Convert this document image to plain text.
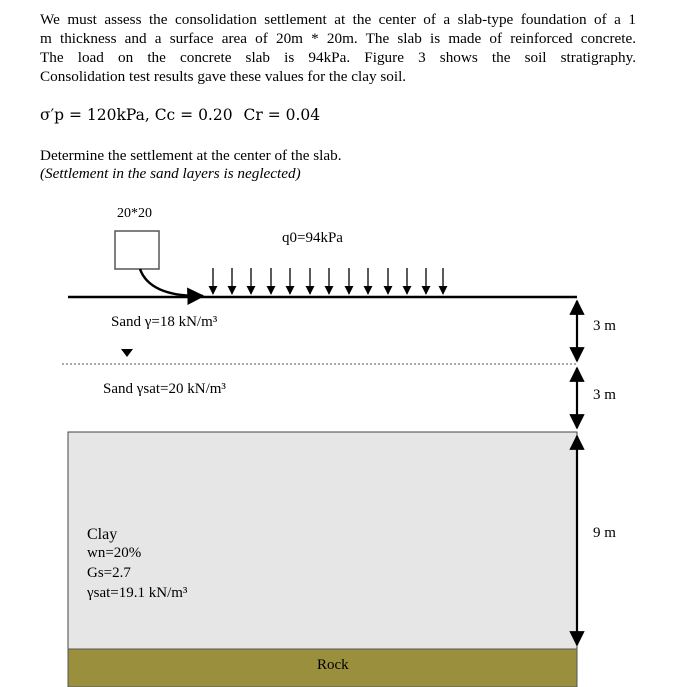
We must assess the consolidation settlement at the center of a slab-type foundation of a 1
m thickness and a surface area of 20m * 20m. The slab is made of reinforced concrete.
The load on the concrete slab is 94kPa. Figure 3 shows the soil stratigraphy.
Consolidation test results gave these values for the clay soil.
σ′p = 120kPa, Cc = 0.20 Cr = 0.04
Determine the settlement at the center of the slab.
(Settlement in the sand layers is neglected)
20*20
q0=94kPa
Sand γ=18 kN/m³
Sand γsat=20 kN/m³
Clay
wn=20%
Gs=2.7
γsat=19.1 kN/m³
Rock
3 m
3 m
9 m
